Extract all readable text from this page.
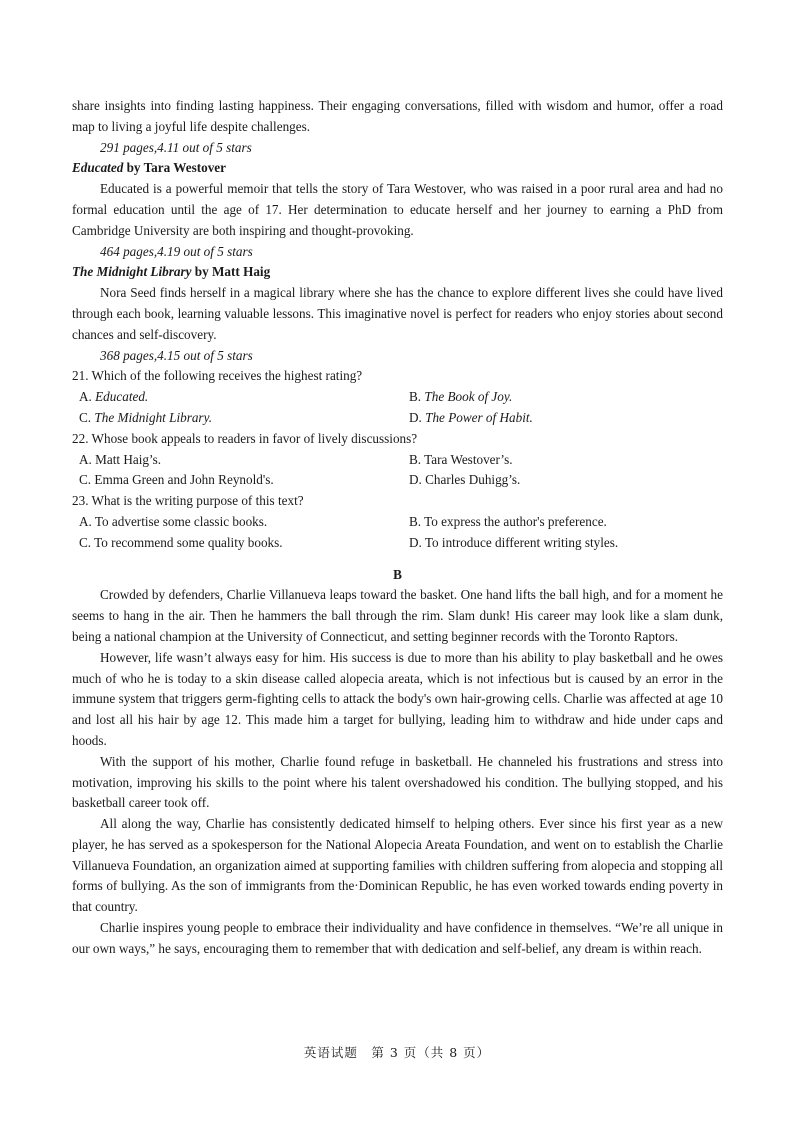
share insights into finding lasting happiness. Their engaging conversations, filled with wisdom and humor, offer a road map to living a joyful life despite challenges.

291 pages,4.11 out of 5 stars

Educated by Tara Westover

Educated is a powerful memoir that tells the story of Tara Westover, who was raised in a poor rural area and had no formal education until the age of 17. Her determination to educate herself and her journey to earning a PhD from Cambridge University are both inspiring and thought-provoking.

464 pages,4.19 out of 5 stars

The Midnight Library by Matt Haig

Nora Seed finds herself in a magical library where she has the chance to explore different lives she could have lived through each book, learning valuable lessons. This imaginative novel is perfect for readers who enjoy stories about second chances and self-discovery.

368 pages,4.15 out of 5 stars

21. Which of the following receives the highest rating?

A. Educated.	B. The Book of Joy.
C. The Midnight Library.	D. The Power of Habit.

22. Whose book appeals to readers in favor of lively discussions?

A. Matt Haig’s.	B. Tara Westover’s.
C. Emma Green and John Reynold's.	D. Charles Duhigg’s.

23. What is the writing purpose of this text?

A. To advertise some classic books.	B. To express the author's preference.
C. To recommend some quality books.	D. To introduce different writing styles.

B

Crowded by defenders, Charlie Villanueva leaps toward the basket. One hand lifts the ball high, and for a moment he seems to hang in the air. Then he hammers the ball through the rim. Slam dunk! His career may look like a slam dunk, being a national champion at the University of Connecticut, and setting beginner records with the Toronto Raptors.

However, life wasn’t always easy for him. His success is due to more than his ability to play basketball and he owes much of who he is today to a skin disease called alopecia areata, which is not infectious but is caused by an error in the immune system that triggers germ-fighting cells to attack the body's own hair-growing cells. Charlie was affected at age 10 and lost all his hair by age 12. This made him a target for bullying, leading him to withdraw and hide under caps and hoods.

With the support of his mother, Charlie found refuge in basketball. He channeled his frustrations and stress into motivation, improving his skills to the point where his talent overshadowed his condition. The bullying stopped, and his basketball career took off.

All along the way, Charlie has consistently dedicated himself to helping others. Ever since his first year as a new player, he has served as a spokesperson for the National Alopecia Areata Foundation, and went on to establish the Charlie Villanueva Foundation, an organization aimed at supporting families with children suffering from alopecia and stopping all forms of bullying. As the son of immigrants from the·Dominican Republic, he has even worked towards ending poverty in that country.

Charlie inspires young people to embrace their individuality and have confidence in themselves. “We’re all unique in our own ways,” he says, encouraging them to remember that with dedication and self-belief, any dream is within reach.

英语试题　第 3 页（共 8 页）
